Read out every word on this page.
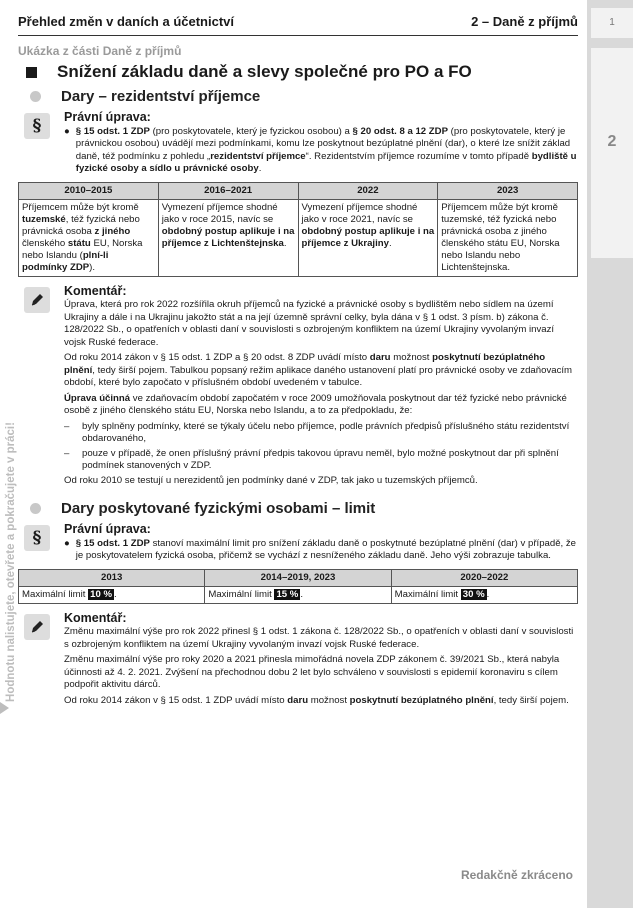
1
2
Hodnotu nalistujete, otevřete a pokračujete v práci!
Přehled změn v daních a účetnictví	2 – Daně z příjmů
Ukázka z části Daně z příjmů
Snížení základu daně a slevy společné pro PO a FO
Dary – rezidentství příjemce
§	Právní úprava:
● § 15 odst. 1 ZDP (pro poskytovatele, který je fyzickou osobou) a § 20 odst. 8 a 12 ZDP (pro poskytovatele, který je právnickou osobou) uvádějí mezi podmínkami, komu lze poskytnout bezúplatné plnění (dar), o které lze snížit základ daně, též podmínku z pohledu „rezidentství příjemce“. Rezidentstvím příjemce rozumíme v tomto případě bydliště u fyzické osoby a sídlo u právnické osoby.
2010–2015	2016–2021	2022	2023
Příjemcem může být kromě tuzemské, též fyzická nebo právnická osoba z jiného členského státu EU, Norska nebo Islandu (plní-li podmínky ZDP).	Vymezení příjemce shodné jako v roce 2015, navíc se obdobný postup aplikuje i na příjemce z Lichtenštejnska.	Vymezení příjemce shodné jako v roce 2021, navíc se obdobný postup aplikuje i na příjemce z Ukrajiny.	Příjemcem může být kromě tuzemské, též fyzická nebo právnická osoba z jiného členského státu EU, Norska nebo Islandu nebo Lichtenštejnska.
Komentář:

Úprava, která pro rok 2022 rozšířila okruh příjemců na fyzické a právnické osoby s bydlištěm nebo sídlem na území Ukrajiny a dále i na Ukrajinu jakožto stát a na její územně správní celky, byla dána v § 1 odst. 3 písm. b) zákona č. 128/2022 Sb., o opatřeních v oblasti daní v souvislosti s ozbrojeným konfliktem na území Ukrajiny vyvolaným invazí vojsk Ruské federace.

Od roku 2014 zákon v § 15 odst. 1 ZDP a § 20 odst. 8 ZDP uvádí místo daru možnost poskytnutí bezúplatného plnění, tedy širší pojem. Tabulkou popsaný režim aplikace daného ustanovení platí pro právnické osoby ve zdaňovacím období, které bylo započato v příslušném období uvedeném v tabulce.

Úprava účinná ve zdaňovacím období započatém v roce 2009 umožňovala poskytnout dar též fyzické nebo právnické osobě z jiného členského státu EU, Norska nebo Islandu, a to za předpokladu, že:

–	byly splněny podmínky, které se týkaly účelu nebo příjemce, podle právních předpisů příslušného státu rezidentství obdarovaného,
–	pouze v případě, že onen příslušný právní předpis takovou úpravu neměl, bylo možné poskytnout dar při splnění podmínek stanovených v ZDP.

Od roku 2010 se testují u nerezidentů jen podmínky dané v ZDP, tak jako u tuzemských příjemců.

Dary poskytované fyzickými osobami – limit
§	Právní úprava:
● § 15 odst. 1 ZDP stanoví maximální limit pro snížení základu daně o poskytnuté bezúplatné plnění (dar) v případě, že je poskytovatelem fyzická osoba, přičemž se vychází z nesníženého základu daně. Jeho výši zobrazuje tabulka.
2013	2014–2019, 2023	2020–2022
Maximální limit 10 % .	Maximální limit 15 % .	Maximální limit 30 % .
Komentář:

Změnu maximální výše pro rok 2022 přinesl § 1 odst. 1 zákona č. 128/2022 Sb., o opatřeních v oblasti daní v souvislosti s ozbrojeným konfliktem na území Ukrajiny vyvolaným invazí vojsk Ruské federace.

Změnu maximální výše pro roky 2020 a 2021 přinesla mimořádná novela ZDP zákonem č. 39/2021 Sb., která nabyla účinnosti až 4. 2. 2021. Zvýšení na přechodnou dobu 2 let bylo schváleno v souvislosti s epidemií koronaviru s cílem podpořit aktivitu dárců.

Od roku 2014 zákon v § 15 odst. 1 ZDP uvádí místo daru možnost poskytnutí bezúplatného plnění, tedy širší pojem.

Redakčně zkráceno
